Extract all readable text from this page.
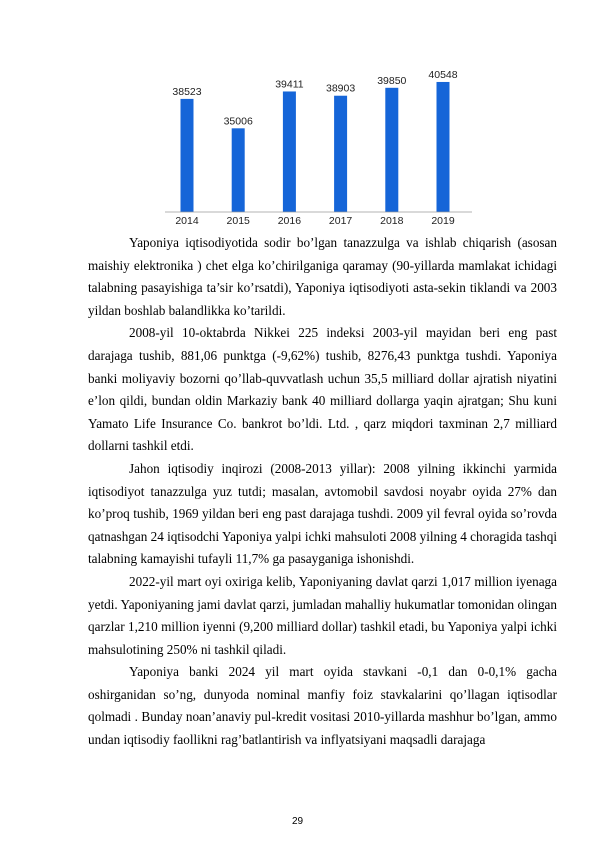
38523
2014
35006
2015
39411
2016
38903
2017
39850
2018
40548
2019

Yaponiya iqtisodiyotida sodir bo’lgan tanazzulga va ishlab chiqarish (asosan maishiy elektronika ) chet elga ko’chirilganiga qaramay (90-yillarda mamlakat ichidagi talabning pasayishiga ta’sir ko’rsatdi), Yaponiya iqtisodiyoti asta-sekin tiklandi va 2003 yildan boshlab balandlikka ko’tarildi.

2008-yil 10-oktabrda Nikkei 225 indeksi 2003-yil mayidan beri eng past darajaga tushib, 881,06 punktga (-9,62%) tushib, 8276,43 punktga tushdi. Yaponiya banki moliyaviy bozorni qo’llab-quvvatlash uchun 35,5 milliard dollar ajratish niyatini e’lon qildi, bundan oldin Markaziy bank 40 milliard dollarga yaqin ajratgan; Shu kuni Yamato Life Insurance Co. bankrot bo’ldi. Ltd. , qarz miqdori taxminan 2,7 milliard dollarni tashkil etdi.

Jahon iqtisodiy inqirozi (2008-2013 yillar): 2008 yilning ikkinchi yarmida iqtisodiyot tanazzulga yuz tutdi; masalan, avtomobil savdosi noyabr oyida 27% dan ko’proq tushib, 1969 yildan beri eng past darajaga tushdi. 2009 yil fevral oyida so’rovda qatnashgan 24 iqtisodchi Yaponiya yalpi ichki mahsuloti 2008 yilning 4 choragida tashqi talabning kamayishi tufayli 11,7% ga pasayganiga ishonishdi.

2022-yil mart oyi oxiriga kelib, Yaponiyaning davlat qarzi 1,017 million iyenaga yetdi. Yaponiyaning jami davlat qarzi, jumladan mahalliy hukumatlar tomonidan olingan qarzlar 1,210 million iyenni (9,200 milliard dollar) tashkil etadi, bu Yaponiya yalpi ichki mahsulotining 250% ni tashkil qiladi.

Yaponiya banki 2024 yil mart oyida stavkani -0,1 dan 0-0,1% gacha oshirganidan so’ng, dunyoda nominal manfiy foiz stavkalarini qo’llagan iqtisodlar qolmadi . Bunday noan’anaviy pul-kredit vositasi 2010-yillarda mashhur bo’lgan, ammo undan iqtisodiy faollikni rag’batlantirish va inflyatsiyani maqsadli darajaga

29
